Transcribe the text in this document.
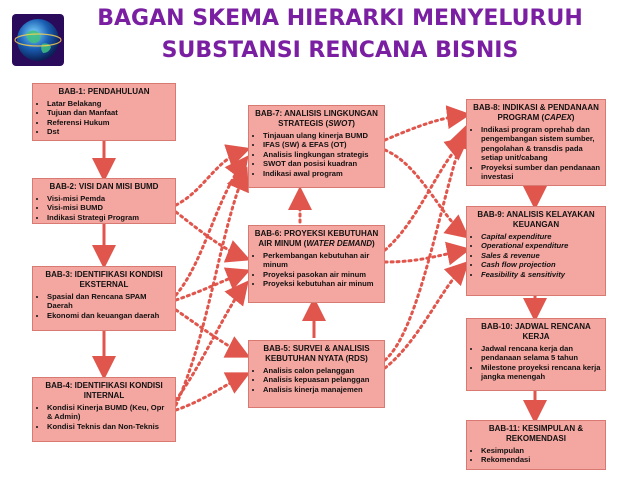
BAGAN SKEMA HIERARKI MENYELURUH
SUBSTANSI RENCANA BISNIS
BAB-1: PENDAHULUAN
• Latar Belakang
• Tujuan dan Manfaat
• Referensi Hukum
• Dst
BAB-2: VISI DAN MISI BUMD
• Visi-misi Pemda
• Visi-misi BUMD
• Indikasi Strategi Program
BAB-3: IDENTIFIKASI KONDISI
EKSTERNAL
• Spasial dan Rencana SPAM Daerah
• Ekonomi dan keuangan daerah
BAB-4: IDENTIFIKASI KONDISI
INTERNAL
• Kondisi Kinerja BUMD (Keu, Opr & Admin)
• Kondisi Teknis dan Non-Teknis
BAB-7: ANALISIS LINGKUNGAN
STRATEGIS (SWOT)
• Tinjauan ulang kinerja BUMD
• IFAS (SW) & EFAS (OT)
• Analisis lingkungan strategis
• SWOT dan posisi kuadran
• Indikasi awal program
BAB-6: PROYEKSI KEBUTUHAN
AIR MINUM (WATER DEMAND)
• Perkembangan kebutuhan air minum
• Proyeksi pasokan air minum
• Proyeksi kebutuhan air minum
BAB-5: SURVEI & ANALISIS
KEBUTUHAN NYATA (RDS)
• Analisis calon pelanggan
• Analisis kepuasan pelanggan
• Analisis kinerja manajemen
BAB-8: INDIKASI & PENDANAAN
PROGRAM (CAPEX)
• Indikasi program oprehab dan pengembangan sistem sumber, pengolahan & transdis pada setiap unit/cabang
• Proyeksi sumber dan pendanaan investasi
BAB-9: ANALISIS KELAYAKAN
KEUANGAN
• Capital expenditure
• Operational expenditure
• Sales & revenue
• Cash flow projection
• Feasibility & sensitivity
BAB-10: JADWAL RENCANA
KERJA
• Jadwal rencana kerja dan pendanaan selama 5 tahun
• Milestone proyeksi rencana kerja jangka menengah
BAB-11: KESIMPULAN &
REKOMENDASI
• Kesimpulan
• Rekomendasi
